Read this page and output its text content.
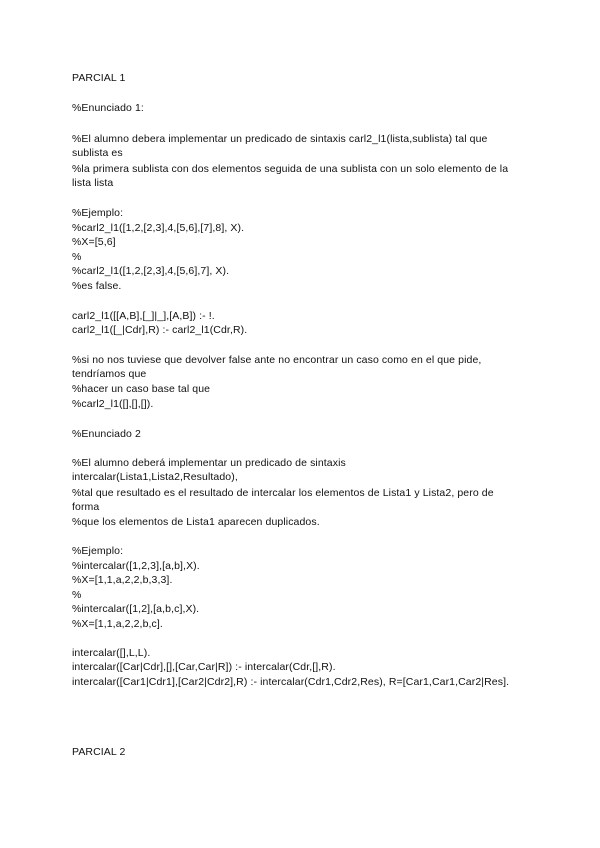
PARCIAL 1
%Enunciado 1:
%El alumno debera implementar un predicado de sintaxis carl2_l1(lista,sublista) tal que
sublista es
%la primera sublista con dos elementos seguida de una sublista con un solo elemento de la
lista lista
%Ejemplo:
%carl2_l1([1,2,[2,3],4,[5,6],[7],8], X).
%X=[5,6]
%
%carl2_l1([1,2,[2,3],4,[5,6],7], X).
%es false.
carl2_l1([[A,B],[_]|_],[A,B]) :- !.
carl2_l1([_|Cdr],R) :- carl2_l1(Cdr,R).
%si no nos tuviese que devolver false ante no encontrar un caso como en el que pide,
tendríamos que
%hacer un caso base tal que
%carl2_l1([],[],[]).
%Enunciado 2
%El alumno deberá implementar un predicado de sintaxis
intercalar(Lista1,Lista2,Resultado),
%tal que resultado es el resultado de intercalar los elementos de Lista1 y Lista2, pero de
forma
%que los elementos de Lista1 aparecen duplicados.
%Ejemplo:
%intercalar([1,2,3],[a,b],X).
%X=[1,1,a,2,2,b,3,3].
%
%intercalar([1,2],[a,b,c],X).
%X=[1,1,a,2,2,b,c].
intercalar([],L,L).
intercalar([Car|Cdr],[],[Car,Car|R]) :- intercalar(Cdr,[],R).
intercalar([Car1|Cdr1],[Car2|Cdr2],R) :- intercalar(Cdr1,Cdr2,Res), R=[Car1,Car1,Car2|Res].
PARCIAL 2
